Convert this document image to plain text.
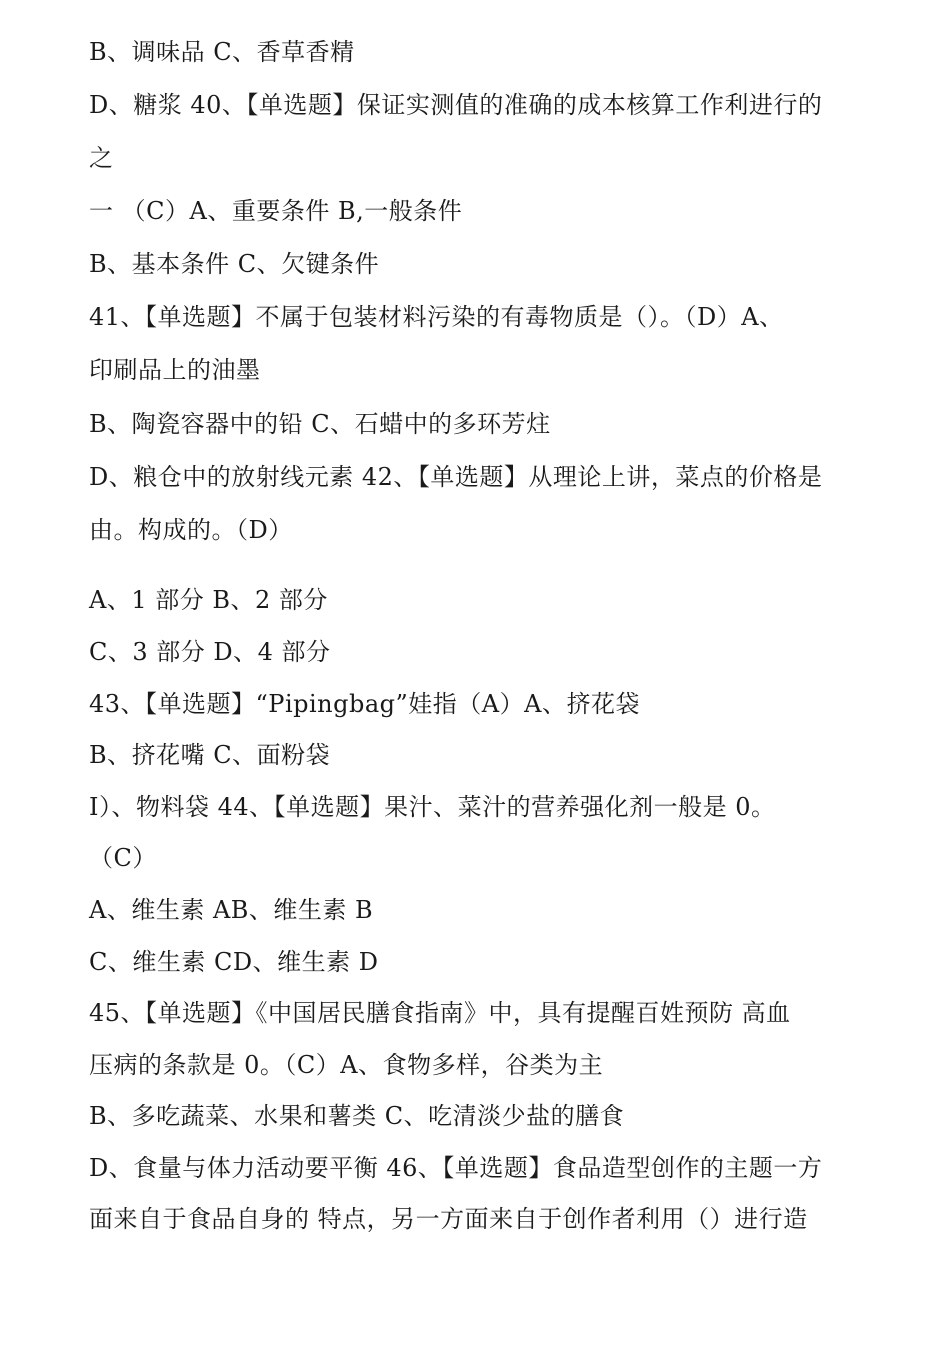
B、调味品 C、香草香精
D、糖浆 40、【单选题】保证实测值的准确的成本核算工作利进行的
之
一 （C）A、重要条件 B,一般条件
B、基本条件 C、欠键条件
41、【单选题】不属于包装材料污染的有毒物质是（）。（D）A、
印刷品上的油墨
B、陶瓷容器中的铅 C、石蜡中的多环芳炷
D、粮仓中的放射线元素 42、【单选题】从理论上讲，菜点的价格是
由。构成的。（D）
A、1 部分 B、2 部分
C、3 部分 D、4 部分
43、【单选题】“Pipingbag”娃指（A）A、挤花袋
B、挤花嘴 C、面粉袋
I）、物料袋 44、【单选题】果汁、菜汁的营养强化剂一般是 0。
（C）
A、维生素 AB、维生素 B
C、维生素 CD、维生素 D
45、【单选题】《中国居民膳食指南》中，具有提醒百姓预防 高血
压病的条款是 0。（C）A、食物多样，谷类为主
B、多吃蔬菜、水果和薯类 C、吃清淡少盐的膳食
D、食量与体力活动要平衡 46、【单选题】食品造型创作的主题一方
面来自于食品自身的 特点，另一方面来自于创作者利用（）进行造
